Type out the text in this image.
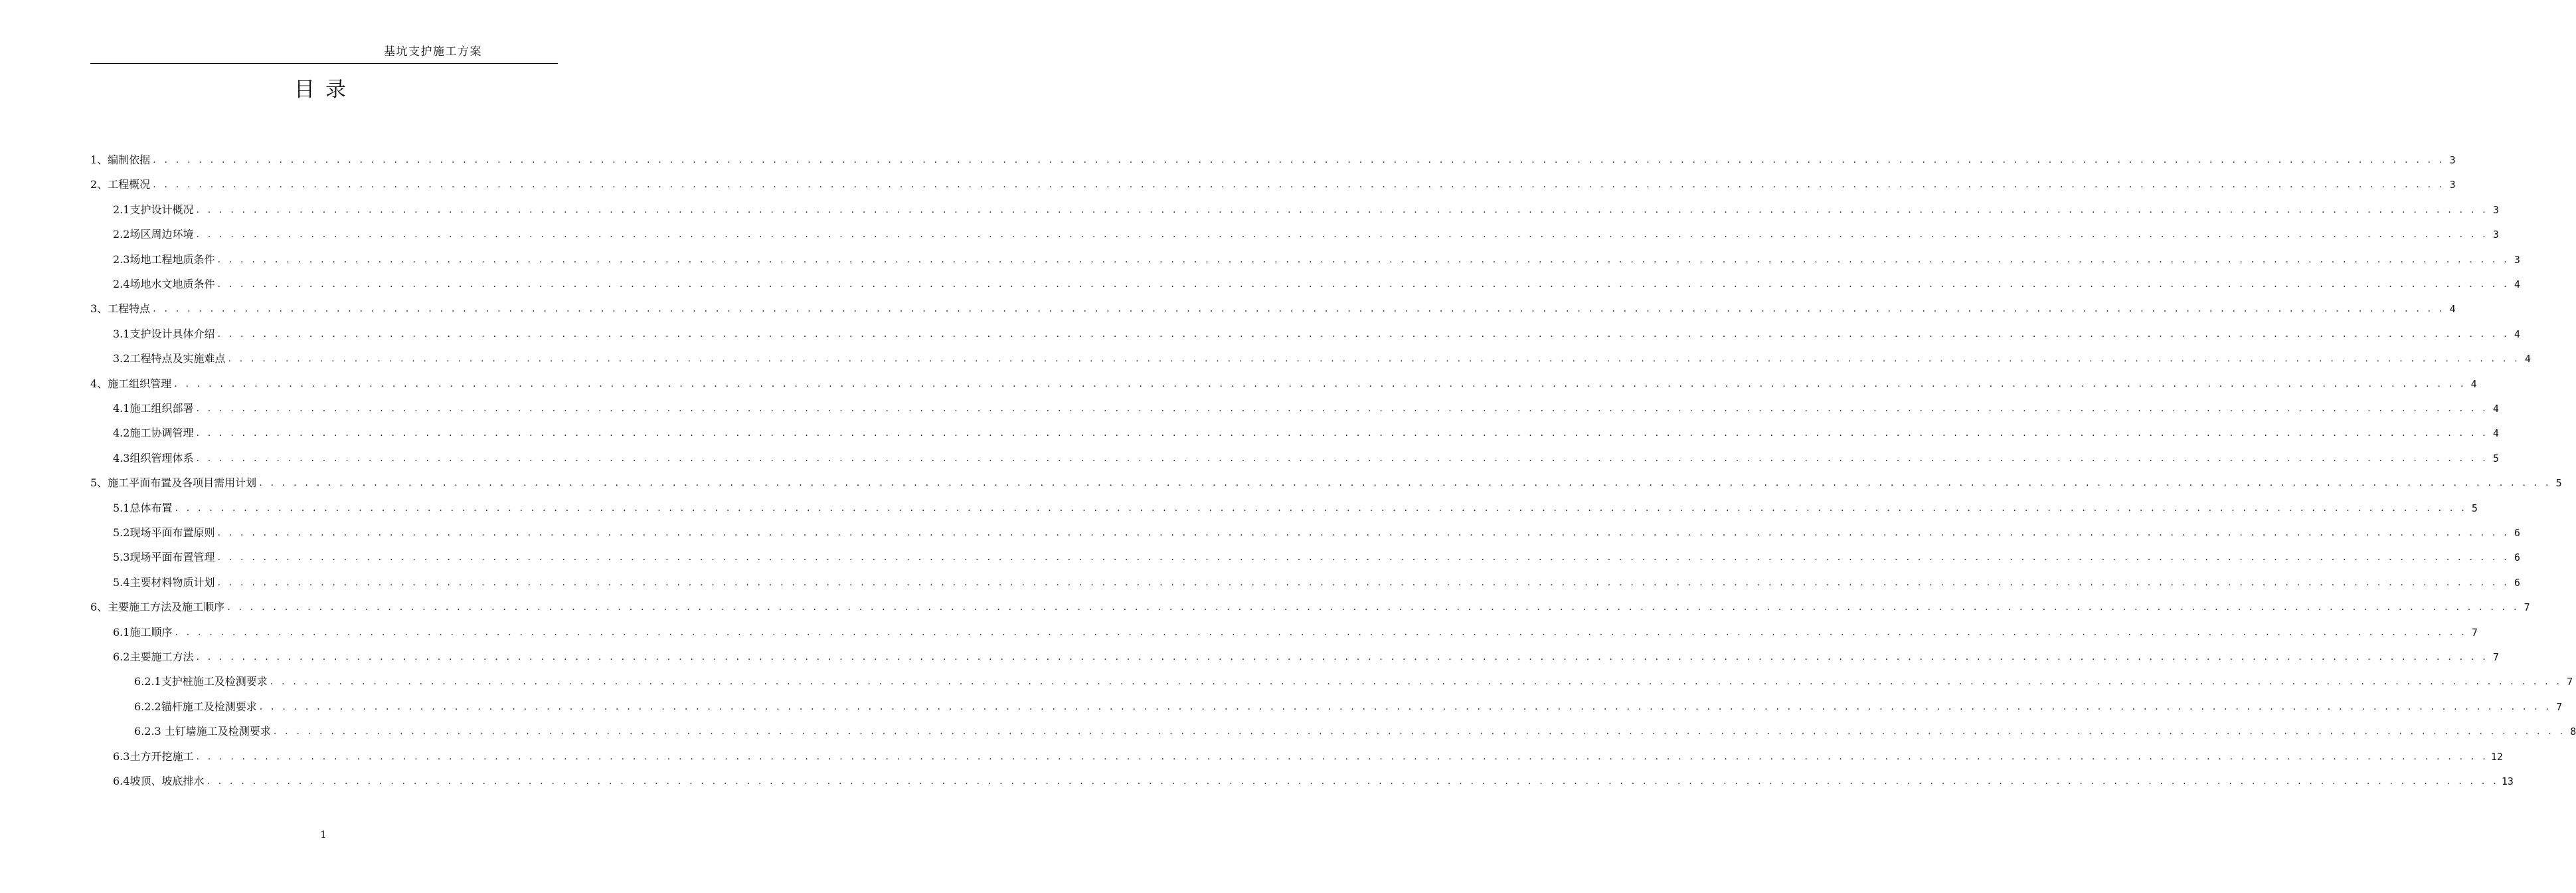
基坑支护施工方案
目录
1、编制依据 . . . . . . . . . . . . . . . . . . . . . . . . . . . . . . . . . . . . . . . . . . . . . . . . . . . . . . . . . . . . . . . . . . . . . . . . . . . . . . . . . . . . . . . . . . . . . . . . . . . . . . . . . . . . . . . . . . . . . . . . . . . . . . . . . . . . . . . . . . . . . . . . . . . . . . . . . . . . . . . . . . . . . . . . . . . . . . . . . . . . . . . . . . . . . . . . . . . . . . . . 3
2、工程概况 . . . . . . . . . . . . . . . . . . . . . . . . . . . . . . . . . . . . . . . . . . . . . . . . . . . . . . . . . . . . . . . . . . . . . . . . . . . . . . . . . . . . . . . . . . . . . . . . . . . . . . . . . . . . . . . . . . . . . . . . . . . . . . . . . . . . . . . . . . . . . . . . . . . . . . . . . . . . . . . . . . . . . . . . . . . . . . . . . . . . . . . . . . . . . . . . . . . . . . . . 3
2.1支护设计概况 . . . . . . . . . . . . . . . . . . . . . . . . . . . . . . . . . . . . . . . . . . . . . . . . . . . . . . . . . . . . . . . . . . . . . . . . . . . . . . . . . . . . . . . . . . . . . . . . . . . . . . . . . . . . . . . . . . . . . . . . . . . . . . . . . . . . . . . . . . . . . . . . . . . . . . . . . . . . . . . . . . . . . . . . . . . . . . . . . . . . . . . . . . . . . . . . . . . . . . . . 3
2.2场区周边环境 . . . . . . . . . . . . . . . . . . . . . . . . . . . . . . . . . . . . . . . . . . . . . . . . . . . . . . . . . . . . . . . . . . . . . . . . . . . . . . . . . . . . . . . . . . . . . . . . . . . . . . . . . . . . . . . . . . . . . . . . . . . . . . . . . . . . . . . . . . . . . . . . . . . . . . . . . . . . . . . . . . . . . . . . . . . . . . . . . . . . . . . . . . . . . . . . . . . . . . . . 3
2.3场地工程地质条件 . . . . . . . . . . . . . . . . . . . . . . . . . . . . . . . . . . . . . . . . . . . . . . . . . . . . . . . . . . . . . . . . . . . . . . . . . . . . . . . . . . . . . . . . . . . . . . . . . . . . . . . . . . . . . . . . . . . . . . . . . . . . . . . . . . . . . . . . . . . . . . . . . . . . . . . . . . . . . . . . . . . . . . . . . . . . . . . . . . . . . . . . . . . . . . . . . . . . . . . . 3
2.4场地水文地质条件 . . . . . . . . . . . . . . . . . . . . . . . . . . . . . . . . . . . . . . . . . . . . . . . . . . . . . . . . . . . . . . . . . . . . . . . . . . . . . . . . . . . . . . . . . . . . . . . . . . . . . . . . . . . . . . . . . . . . . . . . . . . . . . . . . . . . . . . . . . . . . . . . . . . . . . . . . . . . . . . . . . . . . . . . . . . . . . . . . . . . . . . . . . . . . . . . . . . . . . . . 4
3、工程特点 . . . . . . . . . . . . . . . . . . . . . . . . . . . . . . . . . . . . . . . . . . . . . . . . . . . . . . . . . . . . . . . . . . . . . . . . . . . . . . . . . . . . . . . . . . . . . . . . . . . . . . . . . . . . . . . . . . . . . . . . . . . . . . . . . . . . . . . . . . . . . . . . . . . . . . . . . . . . . . . . . . . . . . . . . . . . . . . . . . . . . . . . . . . . . . . . . . . . . . . . 4
3.1支护设计具体介绍 . . . . . . . . . . . . . . . . . . . . . . . . . . . . . . . . . . . . . . . . . . . . . . . . . . . . . . . . . . . . . . . . . . . . . . . . . . . . . . . . . . . . . . . . . . . . . . . . . . . . . . . . . . . . . . . . . . . . . . . . . . . . . . . . . . . . . . . . . . . . . . . . . . . . . . . . . . . . . . . . . . . . . . . . . . . . . . . . . . . . . . . . . . . . . . . . . . . . . . . . 4
3.2工程特点及实施难点 . . . . . . . . . . . . . . . . . . . . . . . . . . . . . . . . . . . . . . . . . . . . . . . . . . . . . . . . . . . . . . . . . . . . . . . . . . . . . . . . . . . . . . . . . . . . . . . . . . . . . . . . . . . . . . . . . . . . . . . . . . . . . . . . . . . . . . . . . . . . . . . . . . . . . . . . . . . . . . . . . . . . . . . . . . . . . . . . . . . . . . . . . . . . . . . . . . . . . . . . 4
4、施工组织管理 . . . . . . . . . . . . . . . . . . . . . . . . . . . . . . . . . . . . . . . . . . . . . . . . . . . . . . . . . . . . . . . . . . . . . . . . . . . . . . . . . . . . . . . . . . . . . . . . . . . . . . . . . . . . . . . . . . . . . . . . . . . . . . . . . . . . . . . . . . . . . . . . . . . . . . . . . . . . . . . . . . . . . . . . . . . . . . . . . . . . . . . . . . . . . . . . . . . . . . . . 4
4.1施工组织部署 . . . . . . . . . . . . . . . . . . . . . . . . . . . . . . . . . . . . . . . . . . . . . . . . . . . . . . . . . . . . . . . . . . . . . . . . . . . . . . . . . . . . . . . . . . . . . . . . . . . . . . . . . . . . . . . . . . . . . . . . . . . . . . . . . . . . . . . . . . . . . . . . . . . . . . . . . . . . . . . . . . . . . . . . . . . . . . . . . . . . . . . . . . . . . . . . . . . . . . . . 4
4.2施工协调管理 . . . . . . . . . . . . . . . . . . . . . . . . . . . . . . . . . . . . . . . . . . . . . . . . . . . . . . . . . . . . . . . . . . . . . . . . . . . . . . . . . . . . . . . . . . . . . . . . . . . . . . . . . . . . . . . . . . . . . . . . . . . . . . . . . . . . . . . . . . . . . . . . . . . . . . . . . . . . . . . . . . . . . . . . . . . . . . . . . . . . . . . . . . . . . . . . . . . . . . . . 4
4.3组织管理体系 . . . . . . . . . . . . . . . . . . . . . . . . . . . . . . . . . . . . . . . . . . . . . . . . . . . . . . . . . . . . . . . . . . . . . . . . . . . . . . . . . . . . . . . . . . . . . . . . . . . . . . . . . . . . . . . . . . . . . . . . . . . . . . . . . . . . . . . . . . . . . . . . . . . . . . . . . . . . . . . . . . . . . . . . . . . . . . . . . . . . . . . . . . . . . . . . . . . . . . . . 5
5、施工平面布置及各项目需用计划 . . . . . . . . . . . . . . . . . . . . . . . . . . . . . . . . . . . . . . . . . . . . . . . . . . . . . . . . . . . . . . . . . . . . . . . . . . . . . . . . . . . . . . . . . . . . . . . . . . . . . . . . . . . . . . . . . . . . . . . . . . . . . . . . . . . . . . . . . . . . . . . . . . . . . . . . . . . . . . . . . . . . . . . . . . . . . . . . . . . . . . . . . . . . . . . . . . . . . . . . 5
5.1总体布置 . . . . . . . . . . . . . . . . . . . . . . . . . . . . . . . . . . . . . . . . . . . . . . . . . . . . . . . . . . . . . . . . . . . . . . . . . . . . . . . . . . . . . . . . . . . . . . . . . . . . . . . . . . . . . . . . . . . . . . . . . . . . . . . . . . . . . . . . . . . . . . . . . . . . . . . . . . . . . . . . . . . . . . . . . . . . . . . . . . . . . . . . . . . . . . . . . . . . . . . . 5
5.2现场平面布置原则 . . . . . . . . . . . . . . . . . . . . . . . . . . . . . . . . . . . . . . . . . . . . . . . . . . . . . . . . . . . . . . . . . . . . . . . . . . . . . . . . . . . . . . . . . . . . . . . . . . . . . . . . . . . . . . . . . . . . . . . . . . . . . . . . . . . . . . . . . . . . . . . . . . . . . . . . . . . . . . . . . . . . . . . . . . . . . . . . . . . . . . . . . . . . . . . . . . . . . . . . 6
5.3现场平面布置管理 . . . . . . . . . . . . . . . . . . . . . . . . . . . . . . . . . . . . . . . . . . . . . . . . . . . . . . . . . . . . . . . . . . . . . . . . . . . . . . . . . . . . . . . . . . . . . . . . . . . . . . . . . . . . . . . . . . . . . . . . . . . . . . . . . . . . . . . . . . . . . . . . . . . . . . . . . . . . . . . . . . . . . . . . . . . . . . . . . . . . . . . . . . . . . . . . . . . . . . . . 6
5.4主要材料物质计划 . . . . . . . . . . . . . . . . . . . . . . . . . . . . . . . . . . . . . . . . . . . . . . . . . . . . . . . . . . . . . . . . . . . . . . . . . . . . . . . . . . . . . . . . . . . . . . . . . . . . . . . . . . . . . . . . . . . . . . . . . . . . . . . . . . . . . . . . . . . . . . . . . . . . . . . . . . . . . . . . . . . . . . . . . . . . . . . . . . . . . . . . . . . . . . . . . . . . . . . . 6
6、主要施工方法及施工顺序 . . . . . . . . . . . . . . . . . . . . . . . . . . . . . . . . . . . . . . . . . . . . . . . . . . . . . . . . . . . . . . . . . . . . . . . . . . . . . . . . . . . . . . . . . . . . . . . . . . . . . . . . . . . . . . . . . . . . . . . . . . . . . . . . . . . . . . . . . . . . . . . . . . . . . . . . . . . . . . . . . . . . . . . . . . . . . . . . . . . . . . . . . . . . . . . . . . . . . . . . 7
6.1施工顺序 . . . . . . . . . . . . . . . . . . . . . . . . . . . . . . . . . . . . . . . . . . . . . . . . . . . . . . . . . . . . . . . . . . . . . . . . . . . . . . . . . . . . . . . . . . . . . . . . . . . . . . . . . . . . . . . . . . . . . . . . . . . . . . . . . . . . . . . . . . . . . . . . . . . . . . . . . . . . . . . . . . . . . . . . . . . . . . . . . . . . . . . . . . . . . . . . . . . . . . . . 7
6.2主要施工方法 . . . . . . . . . . . . . . . . . . . . . . . . . . . . . . . . . . . . . . . . . . . . . . . . . . . . . . . . . . . . . . . . . . . . . . . . . . . . . . . . . . . . . . . . . . . . . . . . . . . . . . . . . . . . . . . . . . . . . . . . . . . . . . . . . . . . . . . . . . . . . . . . . . . . . . . . . . . . . . . . . . . . . . . . . . . . . . . . . . . . . . . . . . . . . . . . . . . . . . . . 7
6.2.1支护桩施工及检测要求 . . . . . . . . . . . . . . . . . . . . . . . . . . . . . . . . . . . . . . . . . . . . . . . . . . . . . . . . . . . . . . . . . . . . . . . . . . . . . . . . . . . . . . . . . . . . . . . . . . . . . . . . . . . . . . . . . . . . . . . . . . . . . . . . . . . . . . . . . . . . . . . . . . . . . . . . . . . . . . . . . . . . . . . . . . . . . . . . . . . . . . . . . . . . . . . . . . . . . . . . 7
6.2.2锚杆施工及检测要求 . . . . . . . . . . . . . . . . . . . . . . . . . . . . . . . . . . . . . . . . . . . . . . . . . . . . . . . . . . . . . . . . . . . . . . . . . . . . . . . . . . . . . . . . . . . . . . . . . . . . . . . . . . . . . . . . . . . . . . . . . . . . . . . . . . . . . . . . . . . . . . . . . . . . . . . . . . . . . . . . . . . . . . . . . . . . . . . . . . . . . . . . . . . . . . . . . . . . . . . . 7
6.2.3 土钉墙施工及检测要求 . . . . . . . . . . . . . . . . . . . . . . . . . . . . . . . . . . . . . . . . . . . . . . . . . . . . . . . . . . . . . . . . . . . . . . . . . . . . . . . . . . . . . . . . . . . . . . . . . . . . . . . . . . . . . . . . . . . . . . . . . . . . . . . . . . . . . . . . . . . . . . . . . . . . . . . . . . . . . . . . . . . . . . . . . . . . . . . . . . . . . . . . . . . . . . . . . . . . . . . . 8
6.3土方开挖施工 . . . . . . . . . . . . . . . . . . . . . . . . . . . . . . . . . . . . . . . . . . . . . . . . . . . . . . . . . . . . . . . . . . . . . . . . . . . . . . . . . . . . . . . . . . . . . . . . . . . . . . . . . . . . . . . . . . . . . . . . . . . . . . . . . . . . . . . . . . . . . . . . . . . . . . . . . . . . . . . . . . . . . . . . . . . . . . . . . . . . . . . . . . . . . . . . . . . . . . . . 12
6.4坡顶、坡底排水 . . . . . . . . . . . . . . . . . . . . . . . . . . . . . . . . . . . . . . . . . . . . . . . . . . . . . . . . . . . . . . . . . . . . . . . . . . . . . . . . . . . . . . . . . . . . . . . . . . . . . . . . . . . . . . . . . . . . . . . . . . . . . . . . . . . . . . . . . . . . . . . . . . . . . . . . . . . . . . . . . . . . . . . . . . . . . . . . . . . . . . . . . . . . . . . . . . . . . . . . 13
1
